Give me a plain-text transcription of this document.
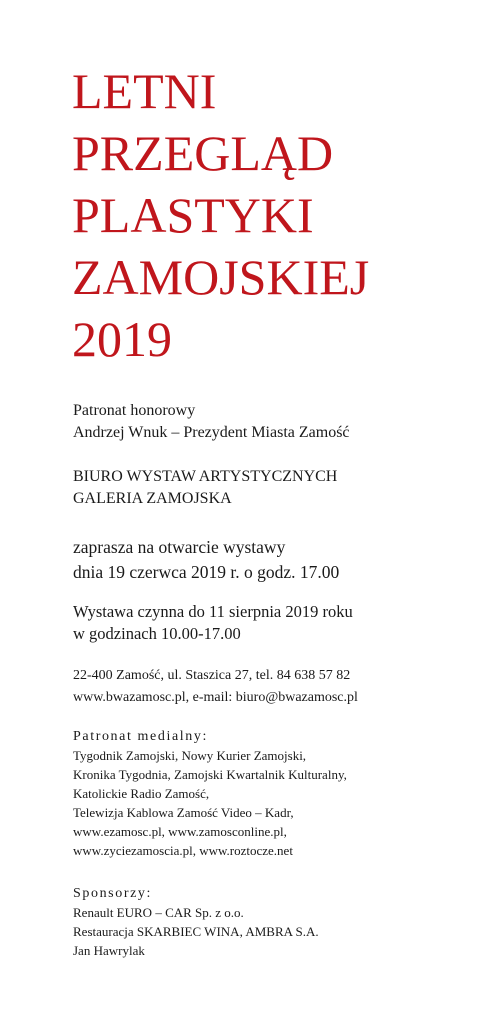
LETNI
PRZEGLĄD
PLASTYKI
ZAMOJSKIEJ
2019
Patronat honorowy
Andrzej Wnuk – Prezydent Miasta Zamość
BIURO WYSTAW ARTYSTYCZNYCH
GALERIA ZAMOJSKA
zaprasza na otwarcie wystawy
dnia 19 czerwca 2019 r. o godz. 17.00
Wystawa czynna do 11 sierpnia 2019 roku
w godzinach 10.00-17.00
22-400 Zamość, ul. Staszica 27, tel. 84 638 57 82
www.bwazamosc.pl, e-mail: biuro@bwazamosc.pl
Patronat medialny:
Tygodnik Zamojski, Nowy Kurier Zamojski,
Kronika Tygodnia, Zamojski Kwartalnik Kulturalny,
Katolickie Radio Zamość,
Telewizja Kablowa Zamość Video – Kadr,
www.ezamosc.pl, www.zamosconline.pl,
www.zyciezamoscia.pl, www.roztocze.net
Sponsorzy:
Renault EURO – CAR Sp. z o.o.
Restauracja SKARBIEC WINA, AMBRA S.A.
Jan Hawrylak
